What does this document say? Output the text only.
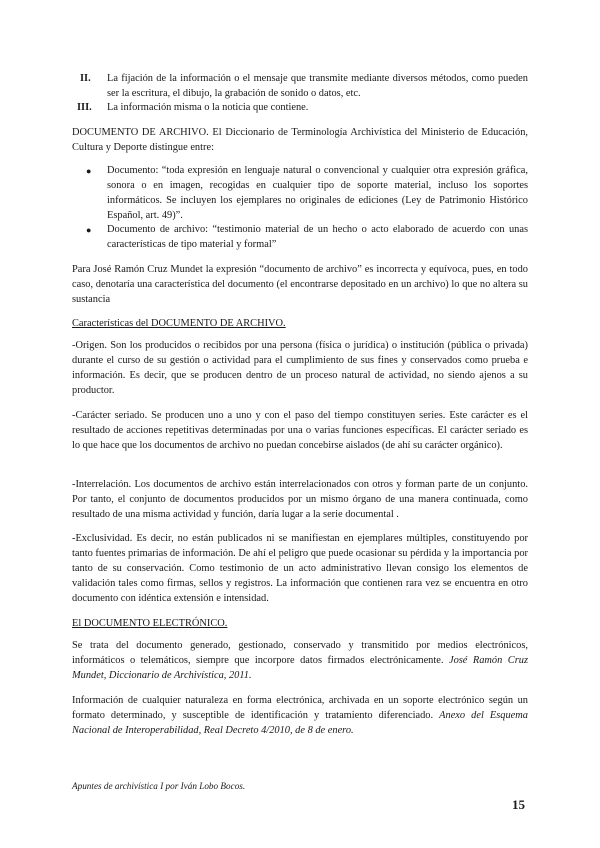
II. La fijación de la información o el mensaje que transmite mediante diversos métodos, como pueden ser la escritura, el dibujo, la grabación de sonido o datos, etc.
III. La información misma o la noticia que contiene.

DOCUMENTO DE ARCHIVO. El Diccionario de Terminología Archivística del Ministerio de Educación, Cultura y Deporte distingue entre:

● Documento: “toda expresión en lenguaje natural o convencional y cualquier otra expresión gráfica, sonora o en imagen, recogidas en cualquier tipo de soporte material, incluso los soportes informáticos. Se incluyen los ejemplares no originales de ediciones (Ley de Patrimonio Histórico Español, art. 49)”.

● Documento de archivo: “testimonio material de un hecho o acto elaborado de acuerdo con unas características de tipo material y formal”

Para José Ramón Cruz Mundet la expresión “documento de archivo” es incorrecta y equívoca, pues, en todo caso, denotaría una característica del documento (el encontrarse depositado en un archivo) lo que no altera su sustancia

Características del DOCUMENTO DE ARCHIVO.

-Origen. Son los producidos o recibidos por una persona (física o jurídica) o institución (pública o privada) durante el curso de su gestión o actividad para el cumplimiento de sus fines y conservados como prueba e información. Es decir, que se producen dentro de un proceso natural de actividad, no siendo ajenos a su productor.

-Carácter seriado. Se producen uno a uno y con el paso del tiempo constituyen series. Este carácter es el resultado de acciones repetitivas determinadas por una o varias funciones específicas. El carácter seriado es lo que hace que los documentos de archivo no puedan concebirse aislados (de ahí su carácter orgánico).

-Interrelación. Los documentos de archivo están interrelacionados con otros y forman parte de un conjunto. Por tanto, el conjunto de documentos producidos por un mismo órgano de una manera continuada, como resultado de una misma actividad y función, daría lugar a la serie documental .

-Exclusividad. Es decir, no están publicados ni se manifiestan en ejemplares múltiples, constituyendo por tanto fuentes primarias de información. De ahí el peligro que puede ocasionar su pérdida y la importancia por tanto de su conservación. Como testimonio de un acto administrativo llevan consigo los elementos de validación tales como firmas, sellos y registros. La información que contienen rara vez se encuentra en otro documento con idéntica extensión e intensidad.

El DOCUMENTO ELECTRÓNICO.

Se trata del documento generado, gestionado, conservado y transmitido por medios electrónicos, informáticos o telemáticos, siempre que incorpore datos firmados electrónicamente. José Ramón Cruz Mundet, Diccionario de Archivística, 2011.

Información de cualquier naturaleza en forma electrónica, archivada en un soporte electrónico según un formato determinado, y susceptible de identificación y tratamiento diferenciado. Anexo del Esquema Nacional de Interoperabilidad, Real Decreto 4/2010, de 8 de enero.

Apuntes de archivística I por Iván Lobo Bocos.
15
